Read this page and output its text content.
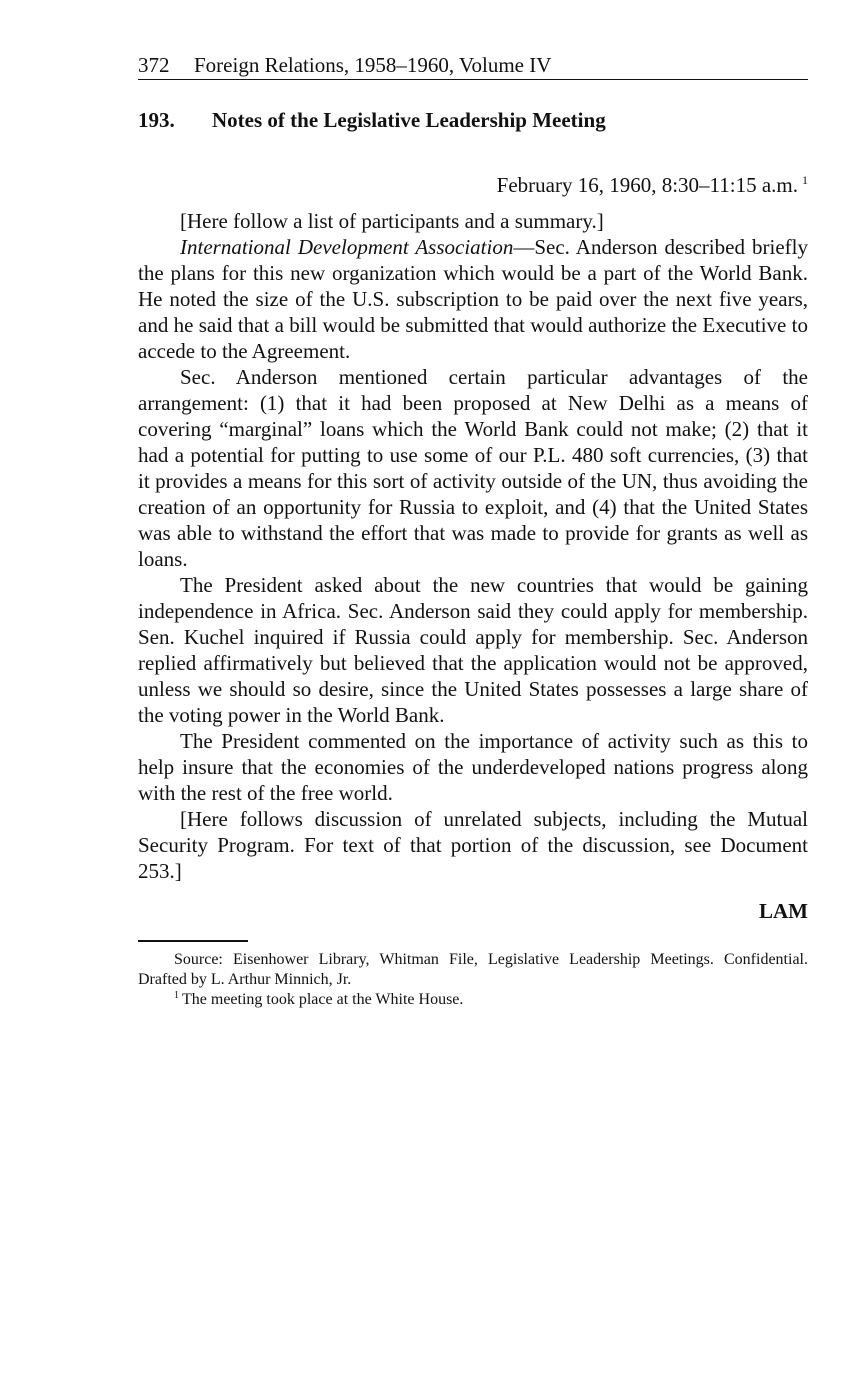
372 Foreign Relations, 1958–1960, Volume IV
193. Notes of the Legislative Leadership Meeting
February 16, 1960, 8:30–11:15 a.m. $^1$

[Here follow a list of participants and a summary.]

International Development Association—Sec. Anderson described briefly the plans for this new organization which would be a part of the World Bank. He noted the size of the U.S. subscription to be paid over the next five years, and he said that a bill would be submitted that would authorize the Executive to accede to the Agreement.

Sec. Anderson mentioned certain particular advantages of the arrangement: (1) that it had been proposed at New Delhi as a means of covering “marginal” loans which the World Bank could not make; (2) that it had a potential for putting to use some of our P.L. 480 soft currencies, (3) that it provides a means for this sort of activity outside of the UN, thus avoiding the creation of an opportunity for Russia to exploit, and (4) that the United States was able to withstand the effort that was made to provide for grants as well as loans.

The President asked about the new countries that would be gaining independence in Africa. Sec. Anderson said they could apply for membership. Sen. Kuchel inquired if Russia could apply for membership. Sec. Anderson replied affirmatively but believed that the application would not be approved, unless we should so desire, since the United States possesses a large share of the voting power in the World Bank.

The President commented on the importance of activity such as this to help insure that the economies of the underdeveloped nations progress along with the rest of the free world.

[Here follows discussion of unrelated subjects, including the Mutual Security Program. For text of that portion of the discussion, see Document 253.]

LAM

Source: Eisenhower Library, Whitman File, Legislative Leadership Meetings. Confidential. Drafted by L. Arthur Minnich, Jr.

$^1$ The meeting took place at the White House.
